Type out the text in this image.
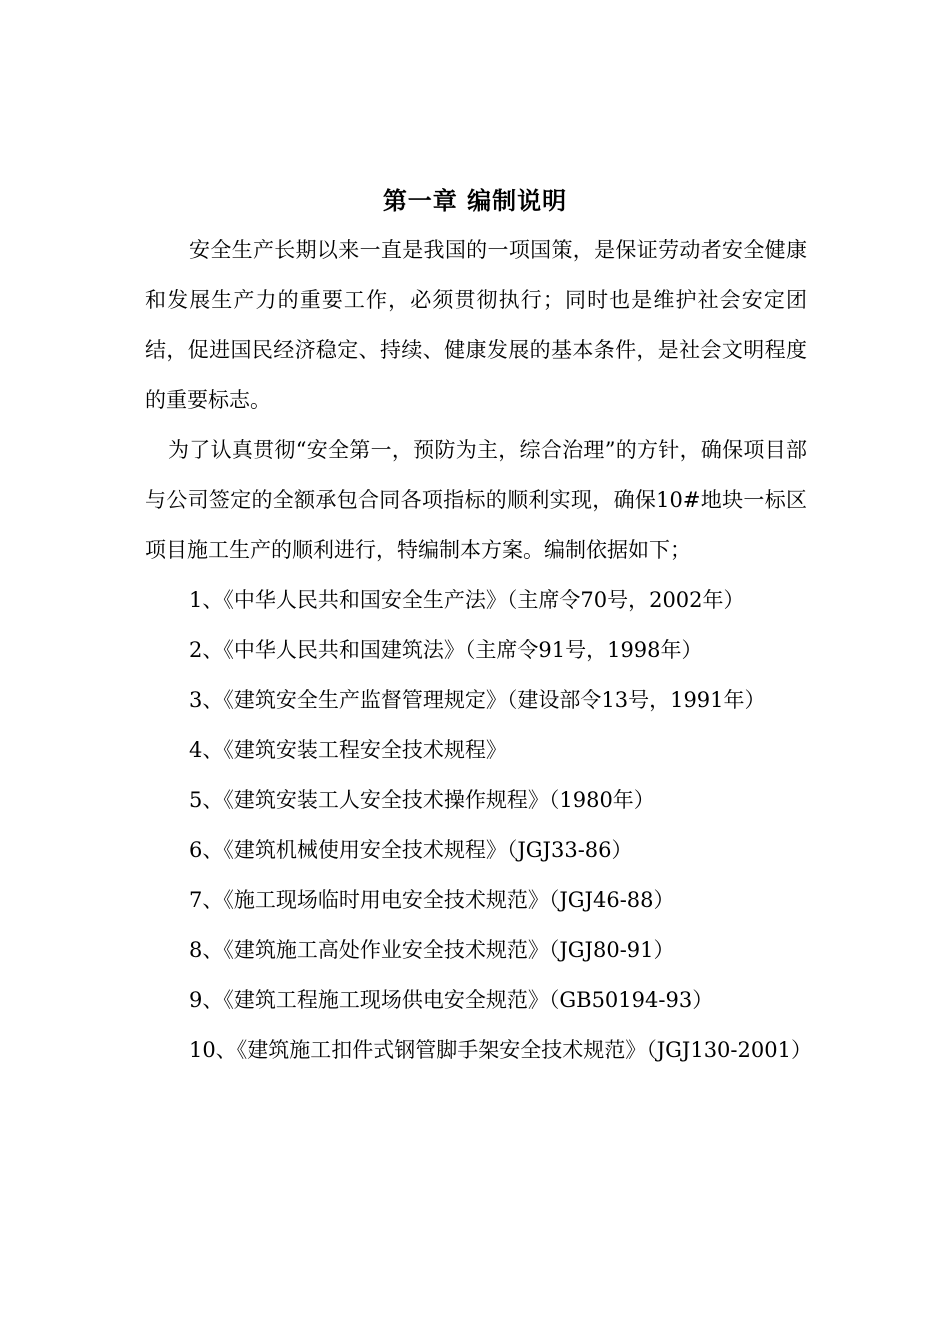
第一章 编制说明

安全生产长期以来一直是我国的一项国策，是保证劳动者安全健康和发展生产力的重要工作，必须贯彻执行；同时也是维护社会安定团结，促进国民经济稳定、持续、健康发展的基本条件，是社会文明程度的重要标志。

为了认真贯彻“安全第一，预防为主，综合治理”的方针，确保项目部与公司签定的全额承包合同各项指标的顺利实现，确保10#地块一标区项目施工生产的顺利进行，特编制本方案。编制依据如下；

1、《中华人民共和国安全生产法》（主席令70号，2002年）

2、《中华人民共和国建筑法》（主席令91号，1998年）

3、《建筑安全生产监督管理规定》（建设部令13号，1991年）

4、《建筑安装工程安全技术规程》

5、《建筑安装工人安全技术操作规程》（1980年）

6、《建筑机械使用安全技术规程》（JGJ33-86）

7、《施工现场临时用电安全技术规范》（JGJ46-88）

8、《建筑施工高处作业安全技术规范》（JGJ80-91）

9、《建筑工程施工现场供电安全规范》（GB50194-93）

10、《建筑施工扣件式钢管脚手架安全技术规范》（JGJ130-2001）
